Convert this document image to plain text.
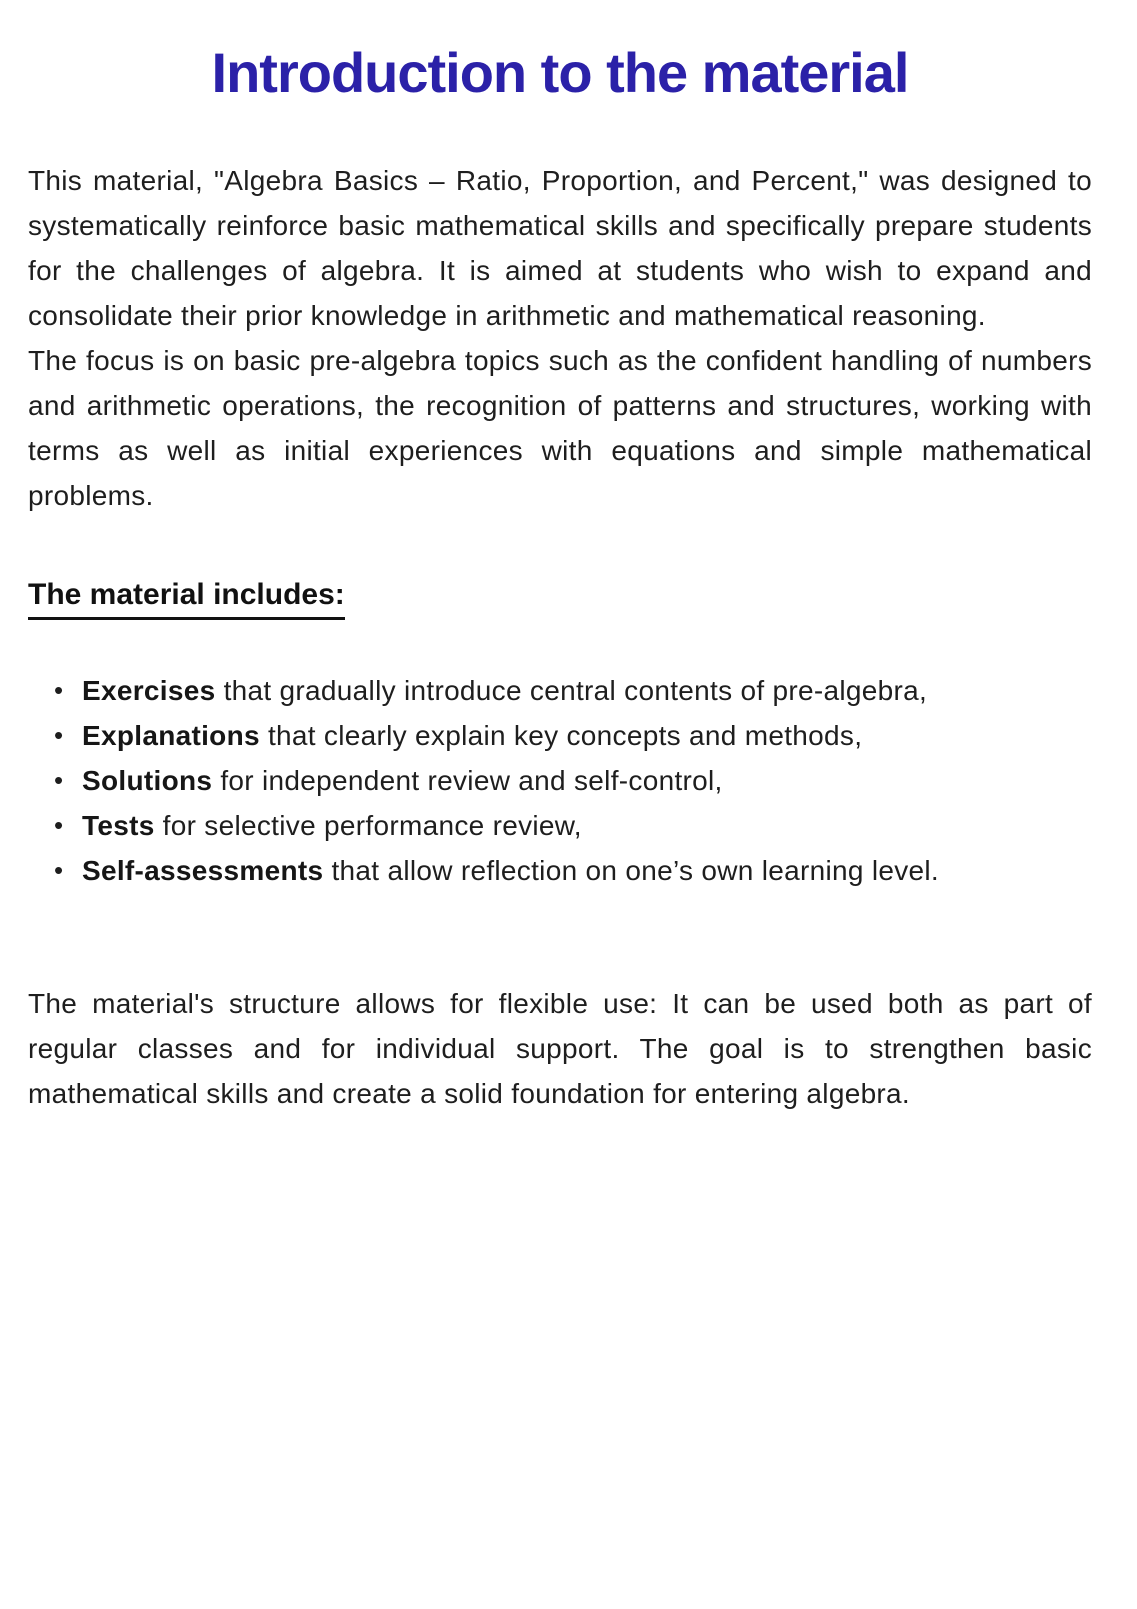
Introduction to the material

This material, "Algebra Basics – Ratio, Proportion, and Percent," was designed to systematically reinforce basic mathematical skills and specifically prepare students for the challenges of algebra. It is aimed at students who wish to expand and consolidate their prior knowledge in arithmetic and mathematical reasoning.

The focus is on basic pre-algebra topics such as the confident handling of numbers and arithmetic operations, the recognition of patterns and structures, working with terms as well as initial experiences with equations and simple mathematical problems.

The material includes:
• Exercises that gradually introduce central contents of pre-algebra,
• Explanations that clearly explain key concepts and methods,
• Solutions for independent review and self-control,
• Tests for selective performance review,
• Self-assessments that allow reflection on one’s own learning level.

The material's structure allows for flexible use: It can be used both as part of regular classes and for individual support. The goal is to strengthen basic mathematical skills and create a solid foundation for entering algebra.
